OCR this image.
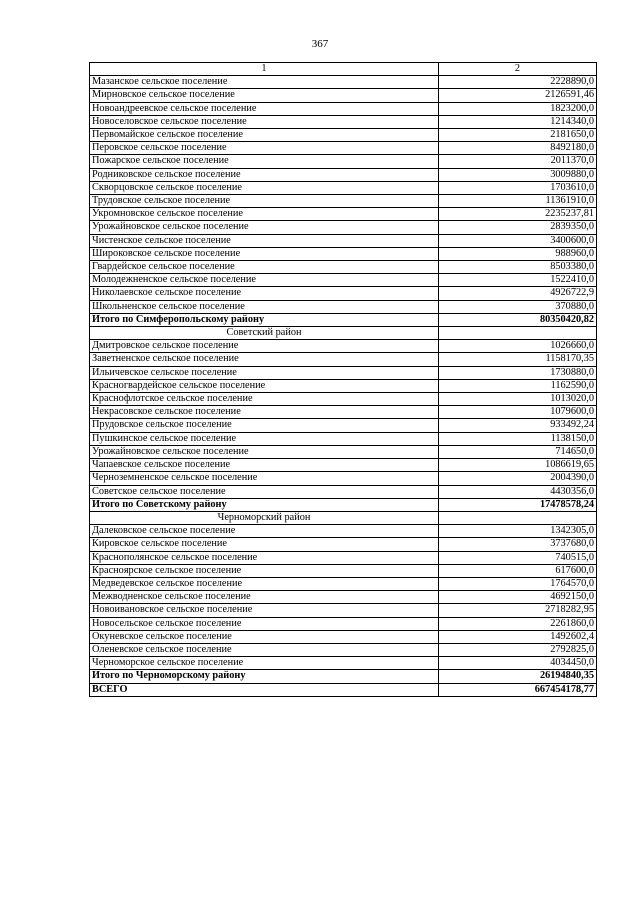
367
1	2
Мазанское сельское поселение	2228890,0
Мирновское сельское поселение	2126591,46
Новоандреевское сельское поселение	1823200,0
Новоселовское сельское поселение	1214340,0
Первомайское сельское поселение	2181650,0
Перовское сельское поселение	8492180,0
Пожарское сельское поселение	2011370,0
Родниковское сельское поселение	3009880,0
Скворцовское сельское поселение	1703610,0
Трудовское сельское поселение	11361910,0
Укромновское сельское поселение	2235237,81
Урожайновское сельское поселение	2839350,0
Чистенское сельское поселение	3400600,0
Широковское сельское поселение	988960,0
Гвардейское сельское поселение	8503380,0
Молодежненское сельское поселение	1522410,0
Николаевское сельское поселение	4926722,9
Школьненское сельское поселение	370880,0
Итого по Симферопольскому району	80350420,82
Советский район	
Дмитровское сельское поселение	1026660,0
Заветненское сельское поселение	1158170,35
Ильичевское сельское поселение	1730880,0
Красногвардейское сельское поселение	1162590,0
Краснофлотское сельское поселение	1013020,0
Некрасовское сельское поселение	1079600,0
Прудовское сельское поселение	933492,24
Пушкинское сельское поселение	1138150,0
Урожайновское сельское поселение	714650,0
Чапаевское сельское поселение	1086619,65
Черноземненское сельское поселение	2004390,0
Советское сельское поселение	4430356,0
Итого по Советскому району	17478578,24
Черноморский район	
Далековское сельское поселение	1342305,0
Кировское сельское поселение	3737680,0
Краснополянское сельское поселение	740515,0
Краснoярское сельское поселение	617600,0
Медведевское сельское поселение	1764570,0
Межводненское сельское поселение	4692150,0
Новоивановское сельское поселение	2718282,95
Новосельское сельское поселение	2261860,0
Окуневское сельское поселение	1492602,4
Оленевское сельское поселение	2792825,0
Черноморское сельское поселение	4034450,0
Итого по Черноморскому району	26194840,35
ВСЕГО	667454178,77
